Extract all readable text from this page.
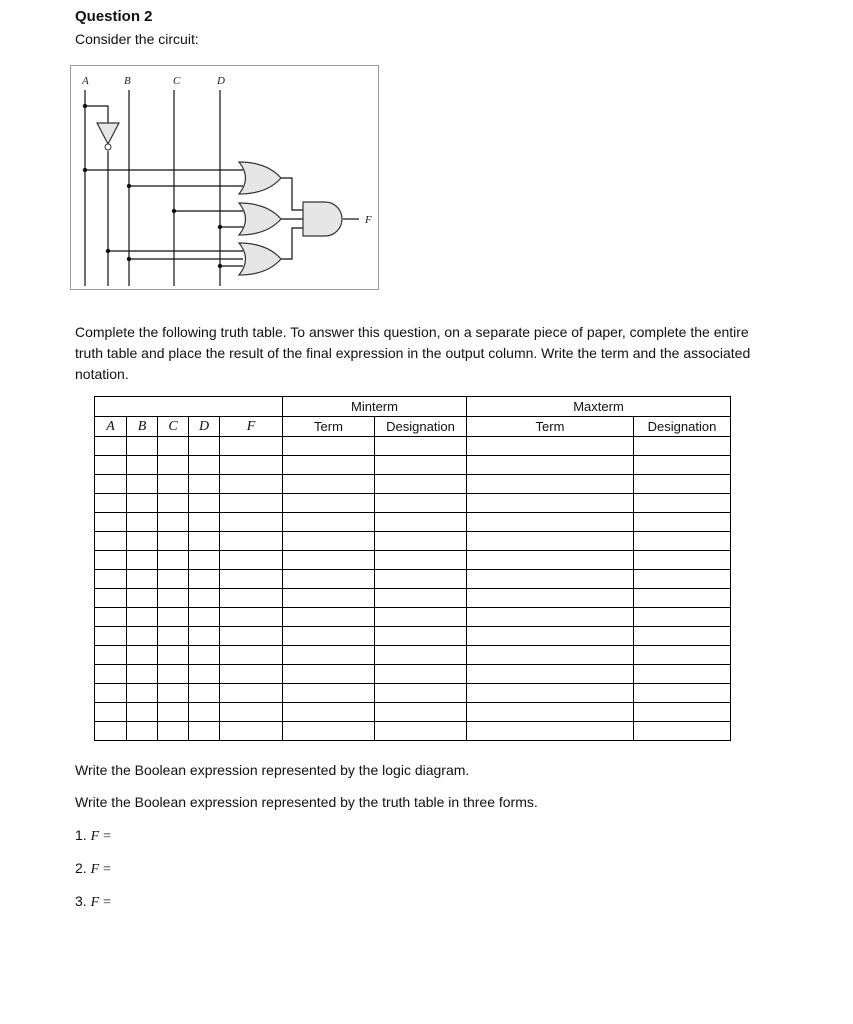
Question 2
Consider the circuit:
A	B	C	D
F
Complete the following truth table. To answer this question, on a separate piece of paper, complete the entire truth table and place the result of the final expression in the output column. Write the term and the associated notation.
					Minterm		Maxterm	
A	B	C	D	F	Term	Designation	Term	Designation

Write the Boolean expression represented by the logic diagram.
Write the Boolean expression represented by the truth table in three forms.
1. F =
2. F =
3. F =
